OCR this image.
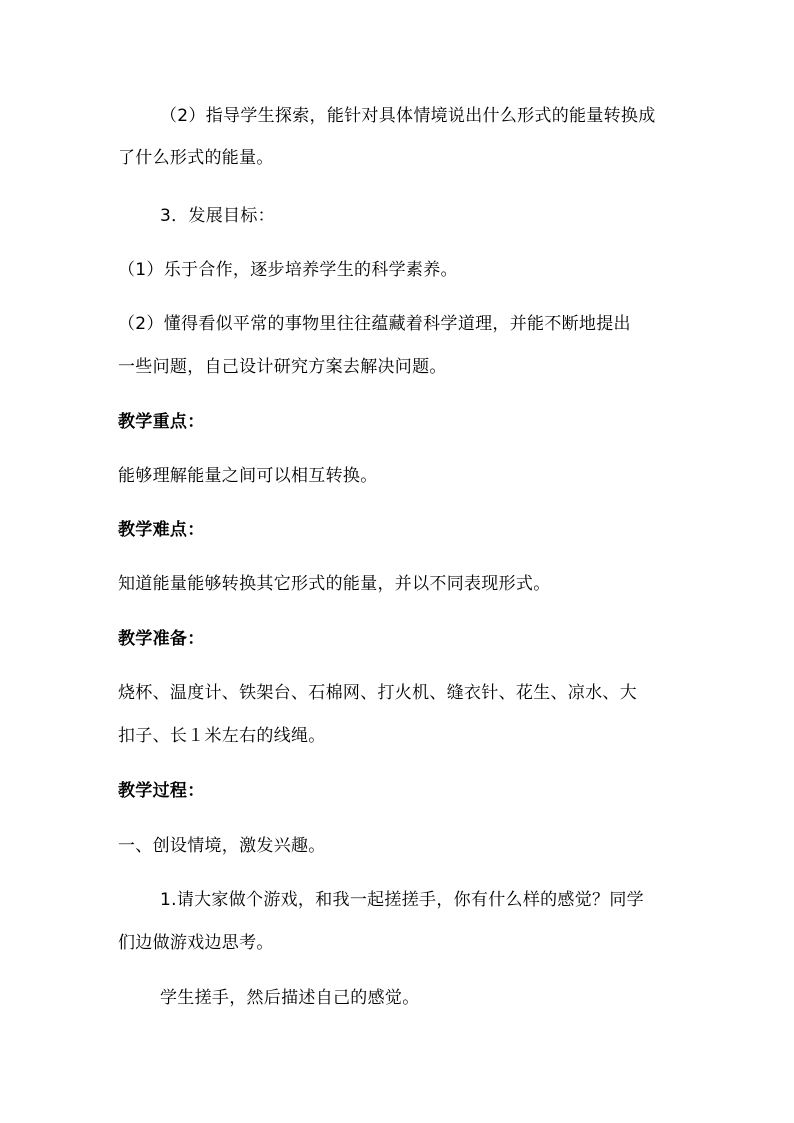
（2）指导学生探索，能针对具体情境说出什么形式的能量转换成
了什么形式的能量。
3．发展目标：
（1）乐于合作，逐步培养学生的科学素养。
（2）懂得看似平常的事物里往往蕴藏着科学道理，并能不断地提出
一些问题，自己设计研究方案去解决问题。
教学重点：
能够理解能量之间可以相互转换。
教学难点：
知道能量能够转换其它形式的能量，并以不同表现形式。
教学准备：
烧杯、温度计、铁架台、石棉网、打火机、缝衣针、花生、凉水、大
扣子、长１米左右的线绳。
教学过程：
一、创设情境，激发兴趣。
1.请大家做个游戏，和我一起搓搓手，你有什么样的感觉？同学
们边做游戏边思考。
学生搓手，然后描述自己的感觉。
